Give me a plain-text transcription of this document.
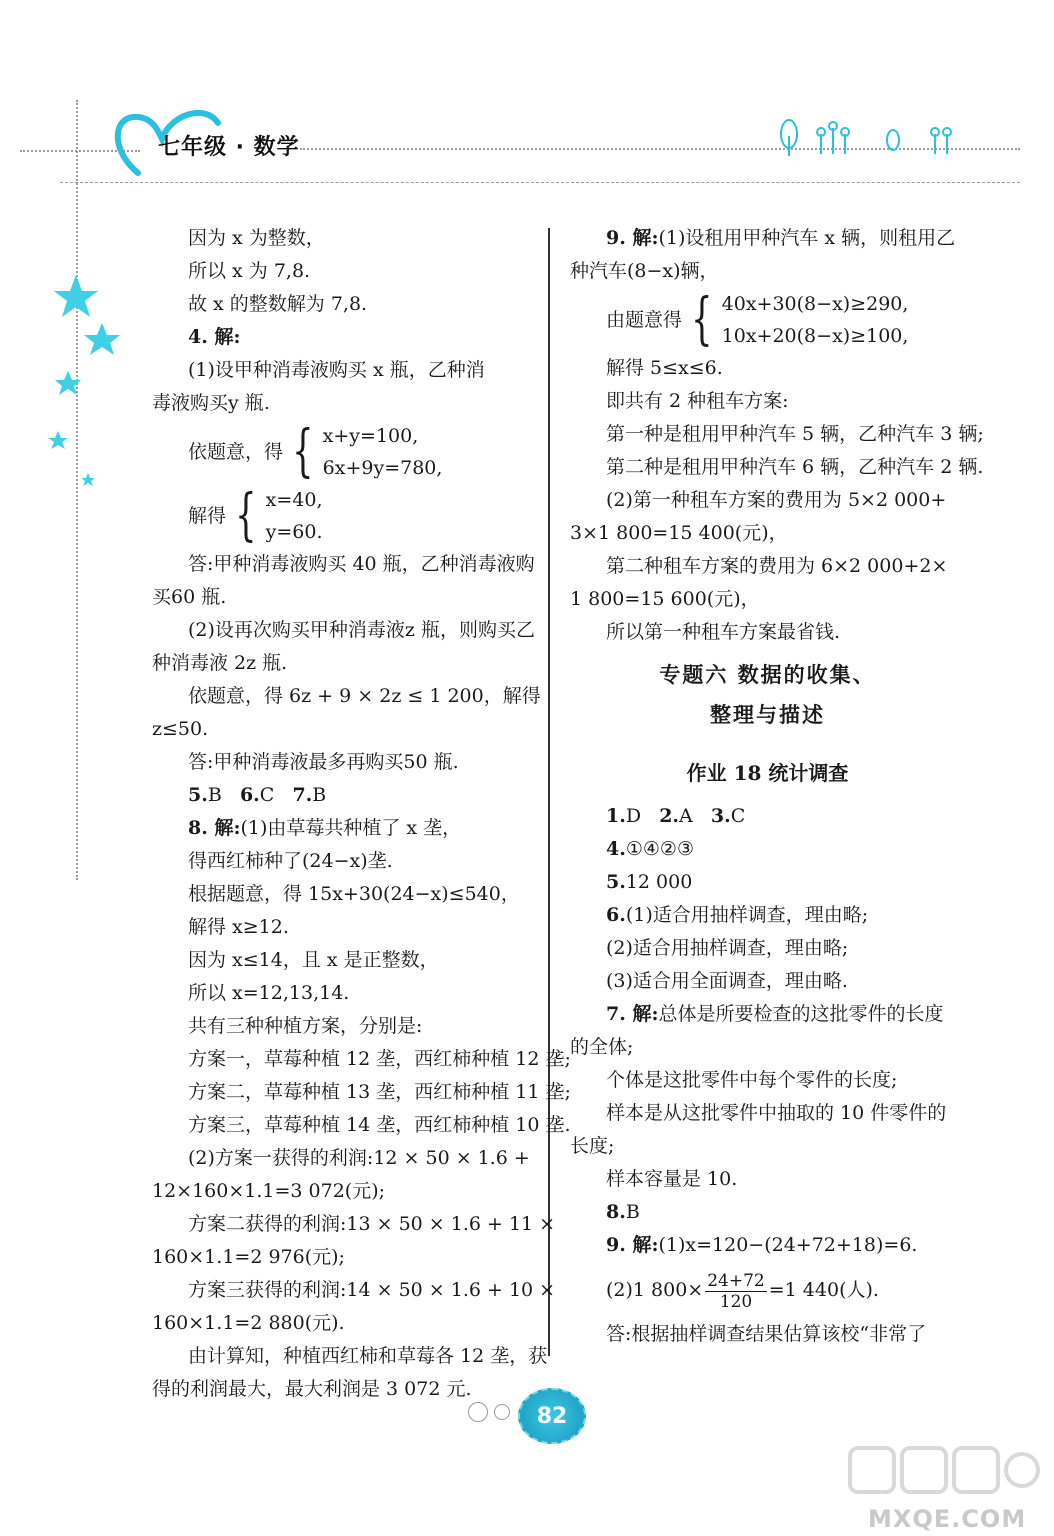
七年级 · 数学

因为 x 为整数，

所以 x 为 7,8.

故 x 的整数解为 7,8.

4. 解:(1)设甲种消毒液购买 x 瓶，乙种消

毒液购买y 瓶.

依题意，得 { x+y=100,
6x+9y=780,
解得 { x=40,
y=60.

答:甲种消毒液购买 40 瓶，乙种消毒液购

买60 瓶.

(2)设再次购买甲种消毒液z 瓶，则购买乙

种消毒液 2z 瓶.

依题意，得 6z + 9 × 2z ≤ 1 200，解得

z≤50.

答:甲种消毒液最多再购买50 瓶.

5.B   6.C   7.B

8. 解:(1)由草莓共种植了 x 垄，

得西红柿种了(24−x)垄.

根据题意，得 15x+30(24−x)≤540，

解得 x≥12.

因为 x≤14，且 x 是正整数，

所以 x=12,13,14.

共有三种种植方案，分别是:

方案一，草莓种植 12 垄，西红柿种植 12 垄;

方案二，草莓种植 13 垄，西红柿种植 11 垄;

方案三，草莓种植 14 垄，西红柿种植 10 垄.

(2)方案一获得的利润:12 × 50 × 1.6 +

12×160×1.1=3 072(元);

方案二获得的利润:13 × 50 × 1.6 + 11 ×

160×1.1=2 976(元);

方案三获得的利润:14 × 50 × 1.6 + 10 ×

160×1.1=2 880(元).

由计算知，种植西红柿和草莓各 12 垄，获

得的利润最大，最大利润是 3 072 元.

9. 解:(1)设租用甲种汽车 x 辆，则租用乙

种汽车(8−x)辆，

由题意得 { 40x+30(8−x)≥290,
10x+20(8−x)≥100,

解得 5≤x≤6.

即共有 2 种租车方案:

第一种是租用甲种汽车 5 辆，乙种汽车 3 辆;

第二种是租用甲种汽车 6 辆，乙种汽车 2 辆.

(2)第一种租车方案的费用为 5×2 000+

3×1 800=15 400(元)，

第二种租车方案的费用为 6×2 000+2×

1 800=15 600(元)，

所以第一种租车方案最省钱.

专题六 数据的收集、
整理与描述
作业 18 统计调查

1.D   2.A   3.C

4.①④②③

5.12 000

6.(1)适合用抽样调查，理由略;

(2)适合用抽样调查，理由略;

(3)适合用全面调查，理由略.

7. 解:总体是所要检查的这批零件的长度

的全体;

个体是这批零件中每个零件的长度;

样本是从这批零件中抽取的 10 件零件的

长度;

样本容量是 10.

8.B

9. 解:(1)x=120−(24+72+18)=6.

(2)1 $800\times \frac{24+72}{120} =1$ 440(人).

答:根据抽样调查结果估算该校“非常了

82
MXQE.COM
